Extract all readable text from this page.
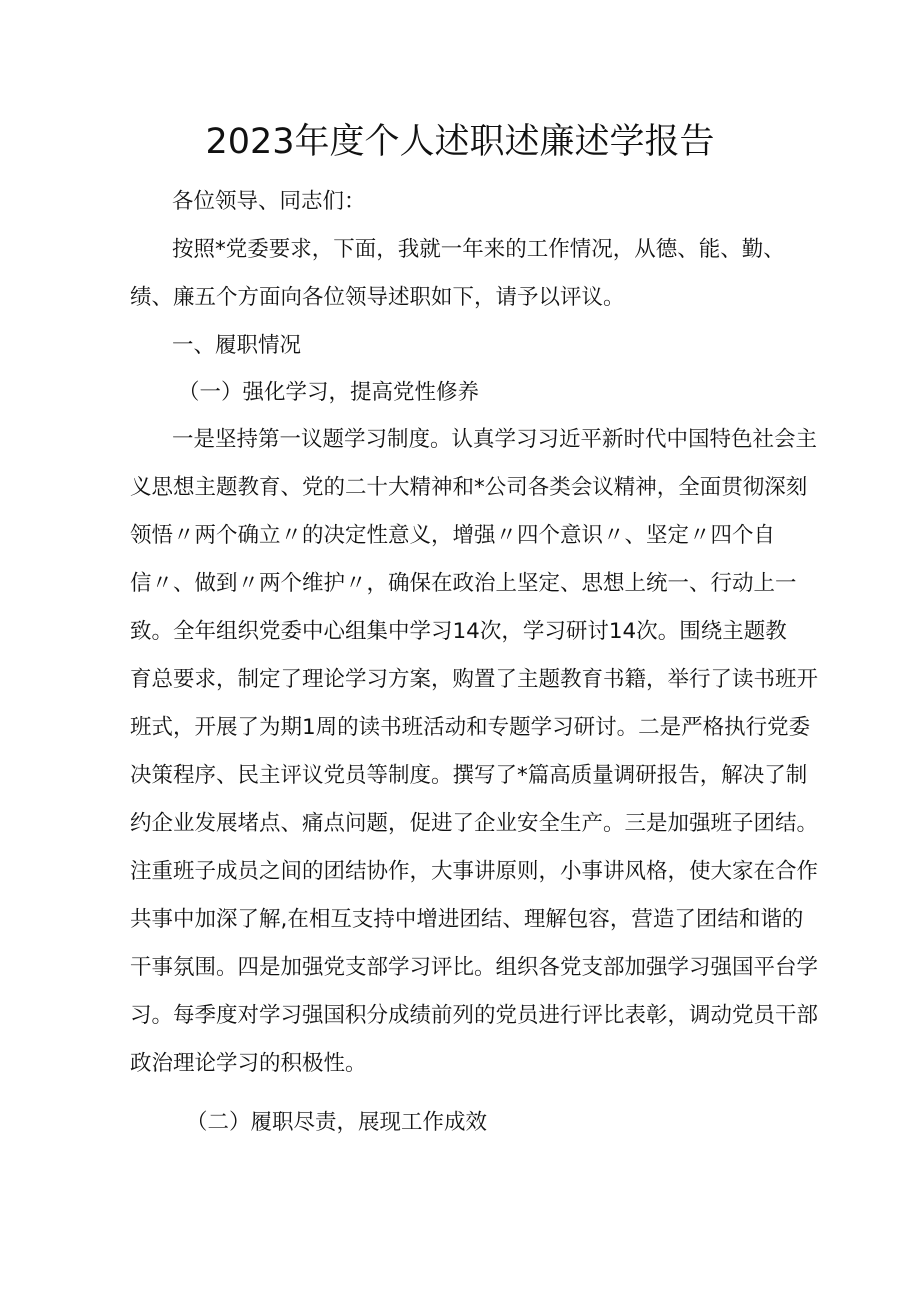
2023年度个人述职述廉述学报告

各位领导、同志们：

按照*党委要求，下面，我就一年来的工作情况，从德、能、勤、

绩、廉五个方面向各位领导述职如下，请予以评议。

一、履职情况

（一）强化学习，提高党性修养

一是坚持第一议题学习制度。认真学习习近平新时代中国特色社会主

义思想主题教育、党的二十大精神和*公司各类会议精神，全面贯彻深刻

领悟〃两个确立〃的决定性意义，增强〃四个意识〃、坚定〃四个自

信〃、做到〃两个维护〃，确保在政治上坚定、思想上统一、行动上一

致。全年组织党委中心组集中学习14次，学习研讨14次。围绕主题教

育总要求，制定了理论学习方案，购置了主题教育书籍，举行了读书班开

班式，开展了为期1周的读书班活动和专题学习研讨。二是严格执行党委

决策程序、民主评议党员等制度。撰写了*篇高质量调研报告，解决了制

约企业发展堵点、痛点问题，促进了企业安全生产。三是加强班子团结。

注重班子成员之间的团结协作，大事讲原则，小事讲风格，使大家在合作

共事中加深了解,在相互支持中增进团结、理解包容，营造了团结和谐的

干事氛围。四是加强党支部学习评比。组织各党支部加强学习强国平台学

习。每季度对学习强国积分成绩前列的党员进行评比表彰，调动党员干部

政治理论学习的积极性。

（二）履职尽责，展现工作成效
